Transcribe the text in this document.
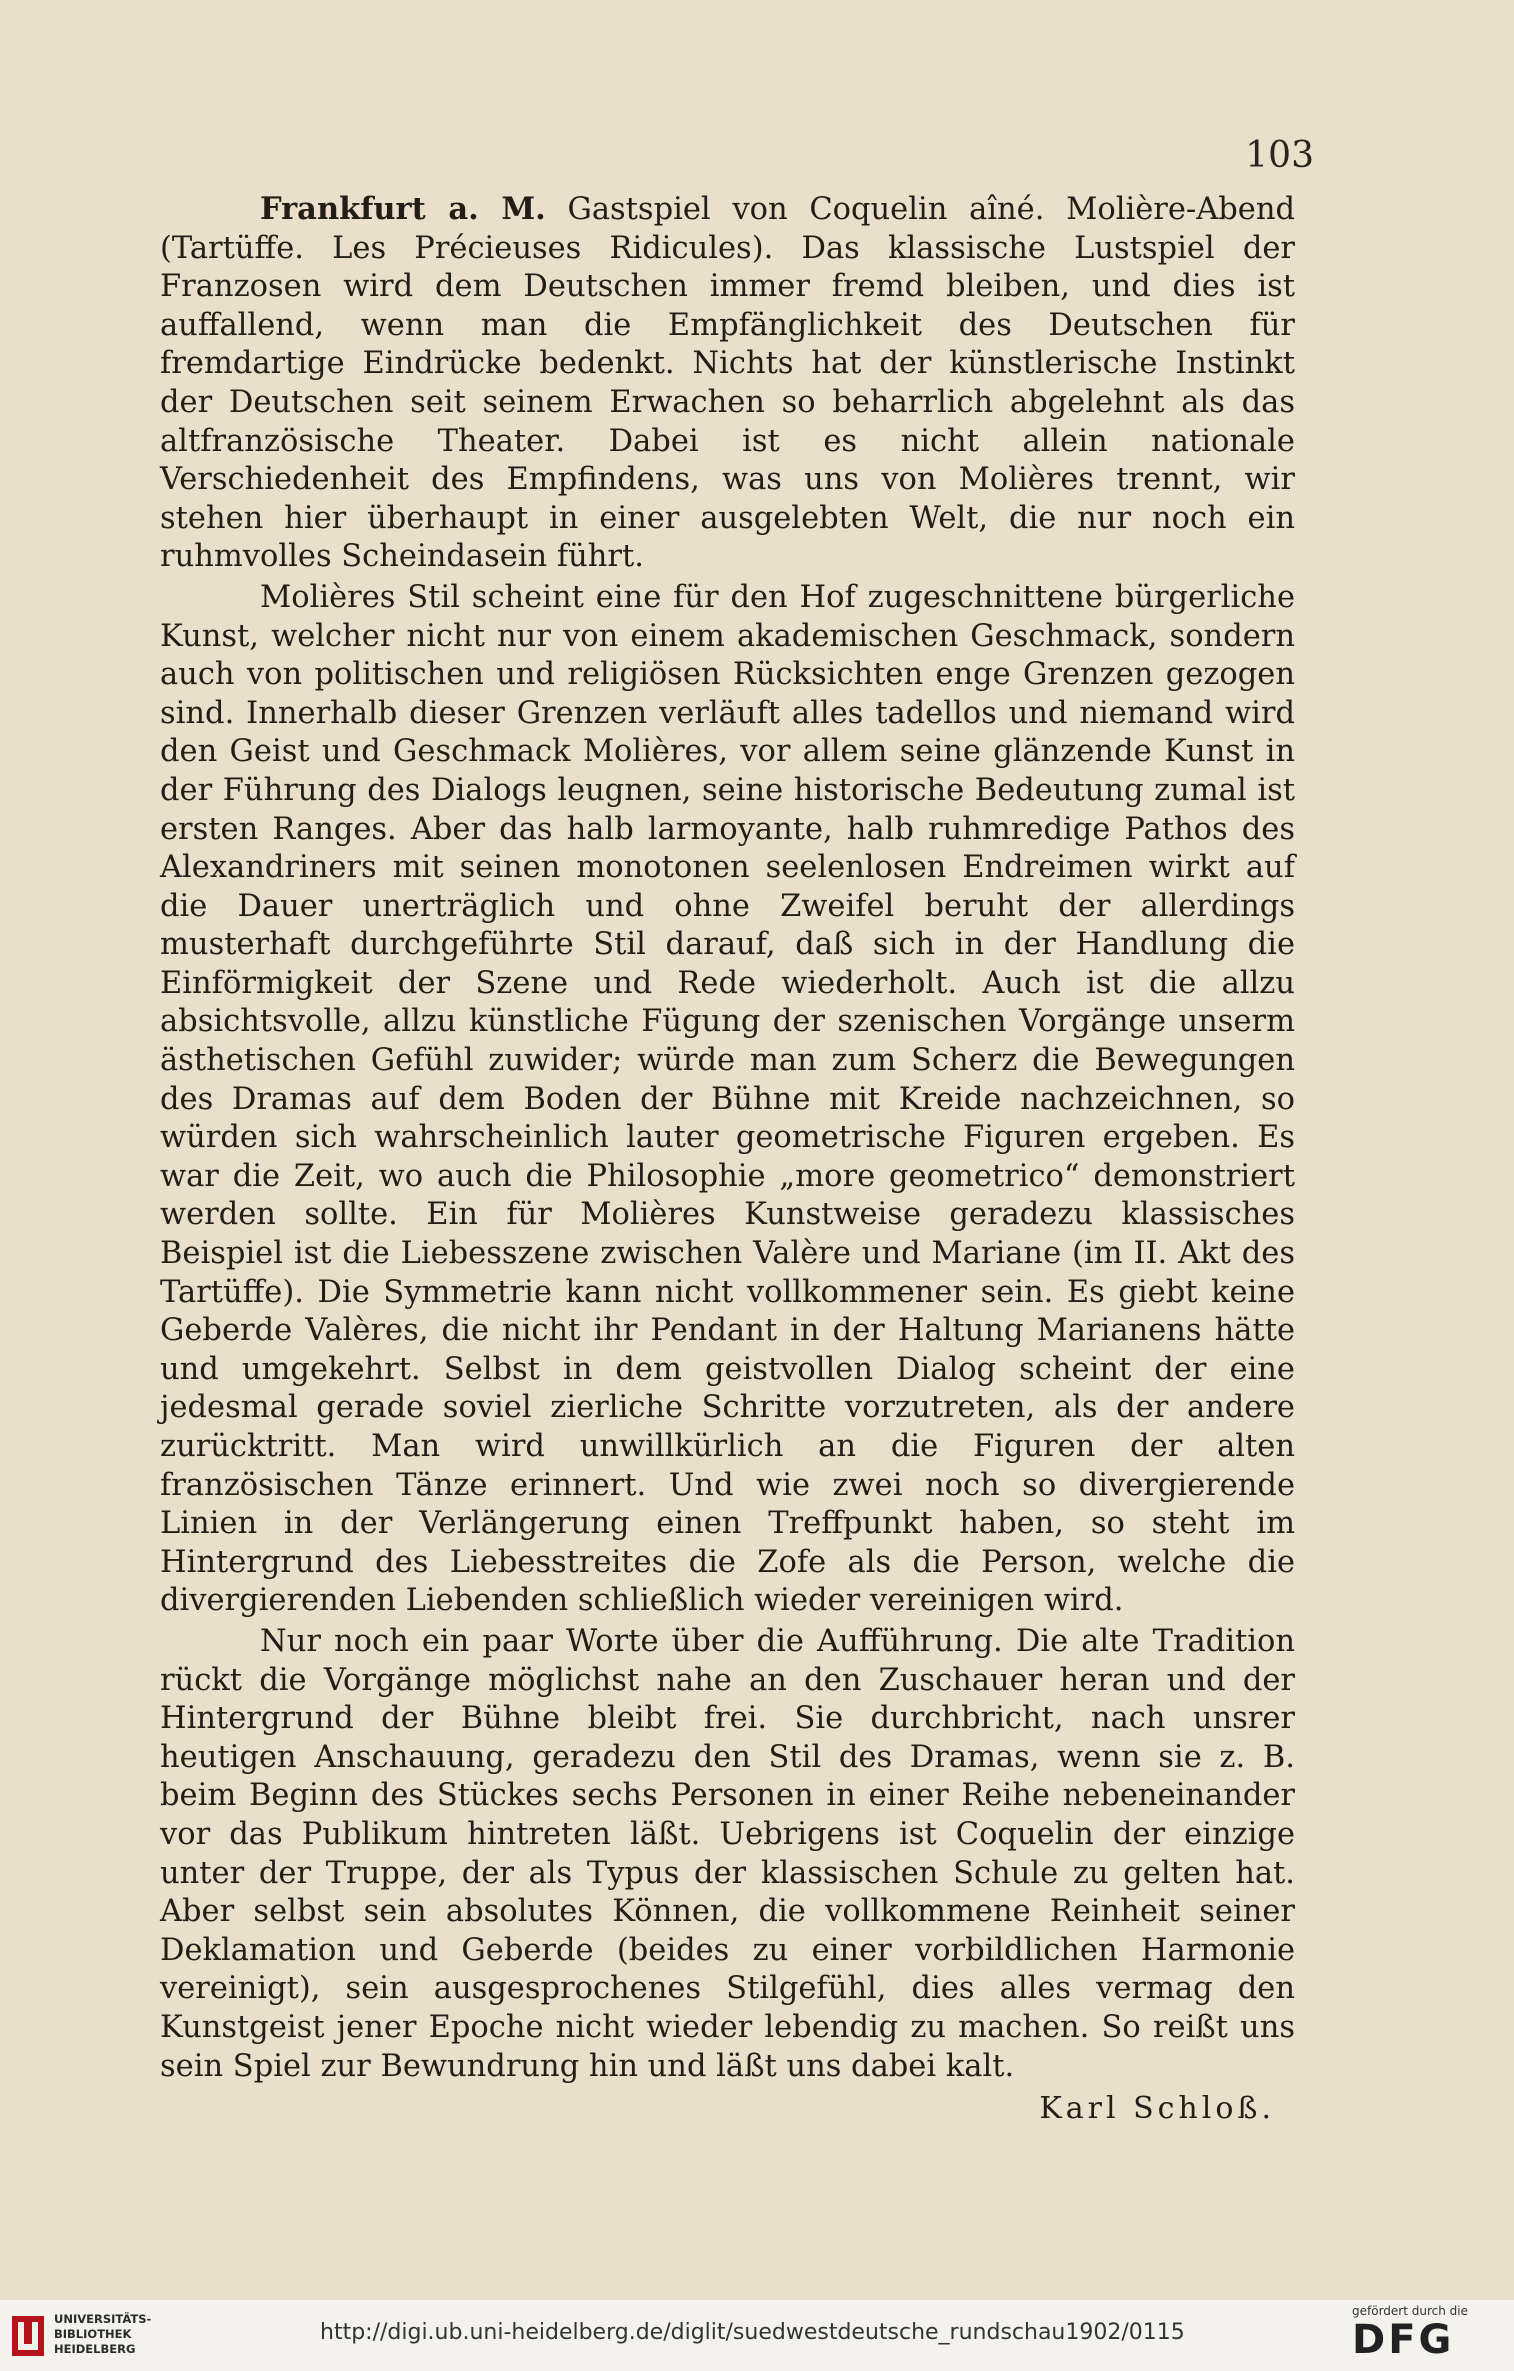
103

Frankfurt a. M. Gastspiel von Coquelin aîné. Molière-Abend (Tartüffe. Les Précieuses Ridicules). Das klassische Lustspiel der Franzosen wird dem Deutschen immer fremd bleiben, und dies ist auffallend, wenn man die Empfänglichkeit des Deutschen für fremdartige Eindrücke bedenkt. Nichts hat der künstlerische Instinkt der Deutschen seit seinem Erwachen so beharrlich abgelehnt als das altfranzösische Theater. Dabei ist es nicht allein nationale Verschiedenheit des Empfindens, was uns von Molières trennt, wir stehen hier überhaupt in einer ausgelebten Welt, die nur noch ein ruhmvolles Scheindasein führt.

Molières Stil scheint eine für den Hof zugeschnittene bürgerliche Kunst, welcher nicht nur von einem akademischen Geschmack, sondern auch von politischen und religiösen Rücksichten enge Grenzen gezogen sind. Innerhalb dieser Grenzen verläuft alles tadellos und niemand wird den Geist und Geschmack Molières, vor allem seine glänzende Kunst in der Führung des Dialogs leugnen, seine historische Bedeutung zumal ist ersten Ranges. Aber das halb larmoyante, halb ruhmredige Pathos des Alexandriners mit seinen monotonen seelenlosen Endreimen wirkt auf die Dauer unerträglich und ohne Zweifel beruht der allerdings musterhaft durchgeführte Stil darauf, daß sich in der Handlung die Einförmigkeit der Szene und Rede wiederholt. Auch ist die allzu absichtsvolle, allzu künstliche Fügung der szenischen Vorgänge unserm ästhetischen Gefühl zuwider; würde man zum Scherz die Bewegungen des Dramas auf dem Boden der Bühne mit Kreide nachzeichnen, so würden sich wahrscheinlich lauter geometrische Figuren ergeben. Es war die Zeit, wo auch die Philosophie „more geometrico“ demonstriert werden sollte. Ein für Molières Kunstweise geradezu klassisches Beispiel ist die Liebesszene zwischen Valère und Mariane (im II. Akt des Tartüffe). Die Symmetrie kann nicht vollkommener sein. Es giebt keine Geberde Valères, die nicht ihr Pendant in der Haltung Marianens hätte und umgekehrt. Selbst in dem geistvollen Dialog scheint der eine jedesmal gerade soviel zierliche Schritte vorzutreten, als der andere zurücktritt. Man wird unwillkürlich an die Figuren der alten französischen Tänze erinnert. Und wie zwei noch so divergierende Linien in der Verlängerung einen Treffpunkt haben, so steht im Hintergrund des Liebesstreites die Zofe als die Person, welche die divergierenden Liebenden schließlich wieder vereinigen wird.

Nur noch ein paar Worte über die Aufführung. Die alte Tradition rückt die Vorgänge möglichst nahe an den Zuschauer heran und der Hintergrund der Bühne bleibt frei. Sie durchbricht, nach unsrer heutigen Anschauung, geradezu den Stil des Dramas, wenn sie z. B. beim Beginn des Stückes sechs Personen in einer Reihe nebeneinander vor das Publikum hintreten läßt. Uebrigens ist Coquelin der einzige unter der Truppe, der als Typus der klassischen Schule zu gelten hat. Aber selbst sein absolutes Können, die vollkommene Reinheit seiner Deklamation und Geberde (beides zu einer vorbildlichen Harmonie vereinigt), sein ausgesprochenes Stilgefühl, dies alles vermag den Kunstgeist jener Epoche nicht wieder lebendig zu machen. So reißt uns sein Spiel zur Bewundrung hin und läßt uns dabei kalt.

Karl Schloß.
UNIVERSITÄTS-
BIBLIOTHEK
HEIDELBERG
http://digi.ub.uni-heidelberg.de/diglit/suedwestdeutsche_rundschau1902/0115
gefördert durch die
DFG
